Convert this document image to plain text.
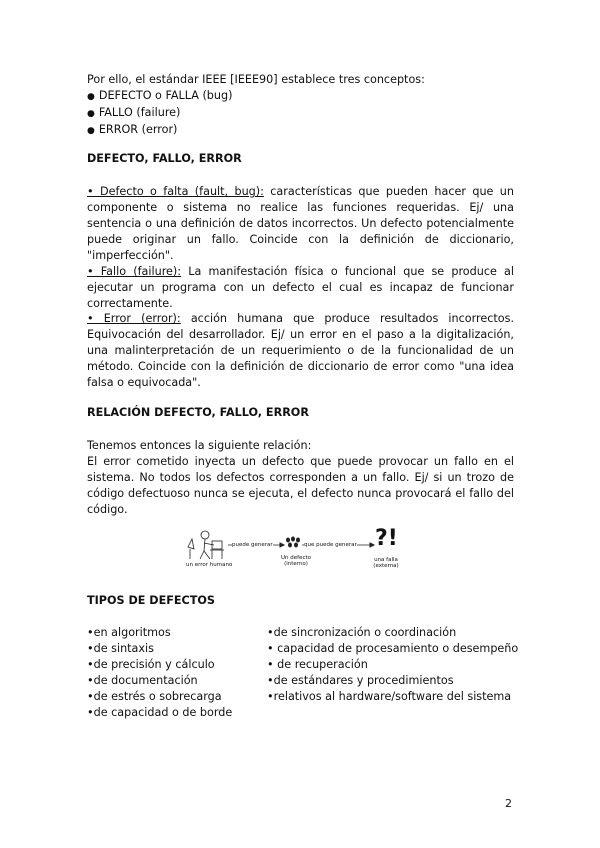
Por ello, el estándar IEEE [IEEE90] establece tres conceptos:
● DEFECTO o FALLA (bug)
● FALLO (failure)
● ERROR (error)
DEFECTO, FALLO, ERROR
• Defecto o falta (fault, bug): características que pueden hacer que un componente o sistema no realice las funciones requeridas. Ej/ una sentencia o una definición de datos incorrectos. Un defecto potencialmente puede originar un fallo. Coincide con la definición de diccionario, "imperfección".
• Fallo (failure): La manifestación física o funcional que se produce al ejecutar un programa con un defecto el cual es incapaz de funcionar correctamente.
• Error (error): acción humana que produce resultados incorrectos. Equivocación del desarrollador. Ej/ un error en el paso a la digitalización, una malinterpretación de un requerimiento o de la funcionalidad de un método. Coincide con la definición de diccionario de error como "una idea falsa o equivocada".
RELACIÓN DEFECTO, FALLO, ERROR
Tenemos entonces la siguiente relación:
El error cometido inyecta un defecto que puede provocar un fallo en el sistema. No todos los defectos corresponden a un fallo. Ej/ si un trozo de código defectuoso nunca se ejecuta, el defecto nunca provocará el fallo del código.
puede generar	que puede generar ?!
un error humano
Un defecto
(interno)
una falla
(externa)
TIPOS DE DEFECTOS
•en algoritmos
•de sintaxis
•de precisión y cálculo
•de documentación
•de estrés o sobrecarga
•de capacidad o de borde
•de sincronización o coordinación
• capacidad de procesamiento o desempeño
• de recuperación
•de estándares y procedimientos
•relativos al hardware/software del sistema
2
